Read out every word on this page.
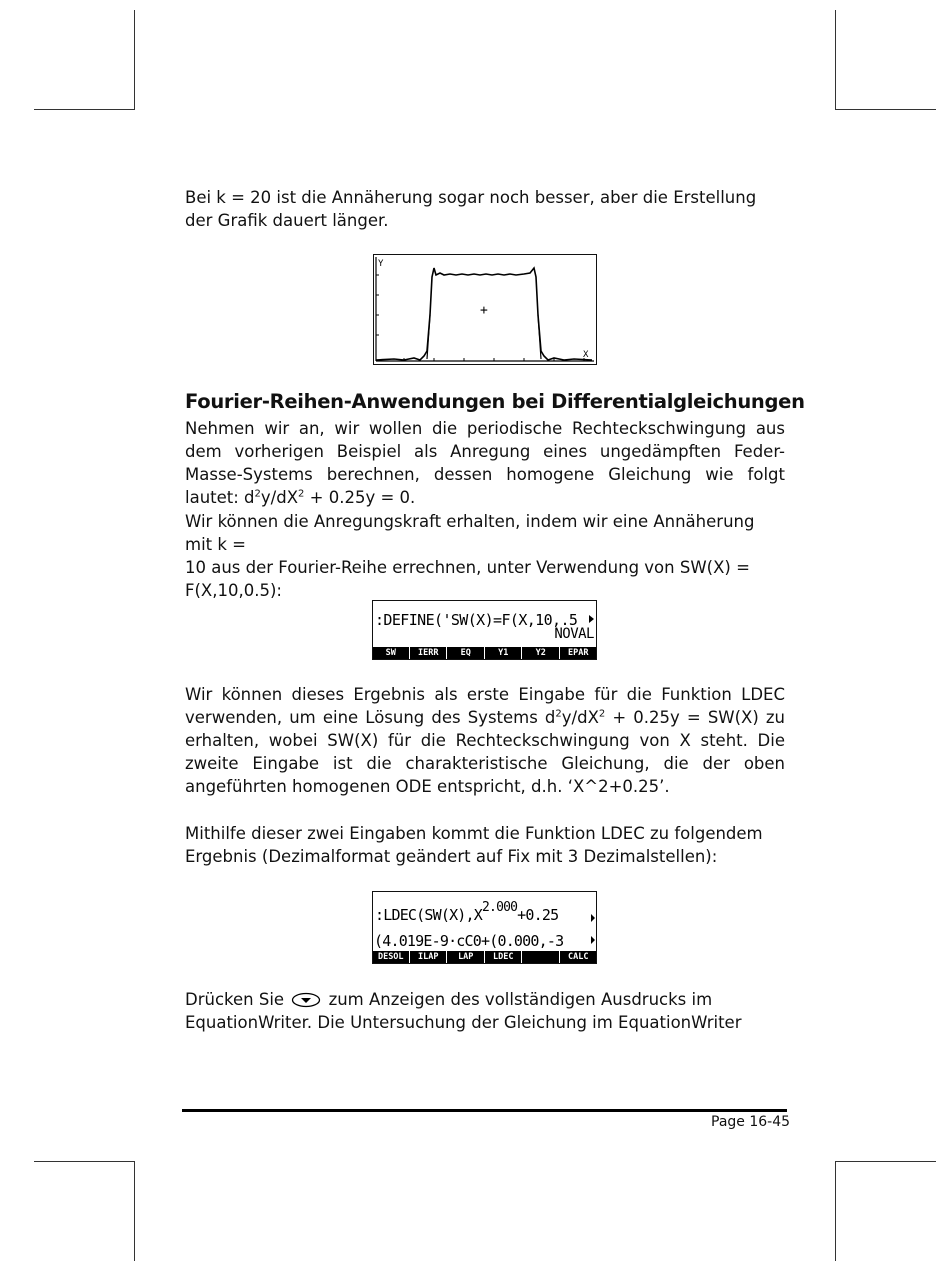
Bei k = 20 ist die Annäherung sogar noch besser, aber die Erstellung der Grafik dauert länger.

Y
X
+
Fourier-Reihen-Anwendungen bei Differentialgleichungen

Nehmen wir an, wir wollen die periodische Rechteckschwingung aus dem vorherigen Beispiel als Anregung eines ungedämpften Feder-Masse-Systems berechnen, dessen homogene Gleichung wie folgt lautet: $d^2y/dX^2 + 0.25y = 0$.

Wir können die Anregungskraft erhalten, indem wir eine Annäherung mit k =
10 aus der Fourier-Reihe errechnen, unter Verwendung von SW(X) =
F(X,10,0.5):

:DEFINE('SW(X)=F(X,10,.5
NOVAL
SW	IERR	EQ	Y1	Y2	EPAR

Wir können dieses Ergebnis als erste Eingabe für die Funktion LDEC verwenden, um eine Lösung des Systems $d^2y/dX^2 + 0.25y = SW(X)$ zu erhalten, wobei SW(X) für die Rechteckschwingung von X steht. Die zweite Eingabe ist die charakteristische Gleichung, die der oben angeführten homogenen ODE entspricht, d.h. ‘X^2+0.25’.

Mithilfe dieser zwei Eingaben kommt die Funktion LDEC zu folgendem
Ergebnis (Dezimalformat geändert auf Fix mit 3 Dezimalstellen):

:LDEC(SW(X),X2.000+0.25
(4.019E-9·cC0+(0.000,-3
DESOL	ILAP	LAP	LDEC	CALC

Drücken Sie	zum Anzeigen des vollständigen Ausdrucks im
EquationWriter. Die Untersuchung der Gleichung im EquationWriter

Page 16-45
